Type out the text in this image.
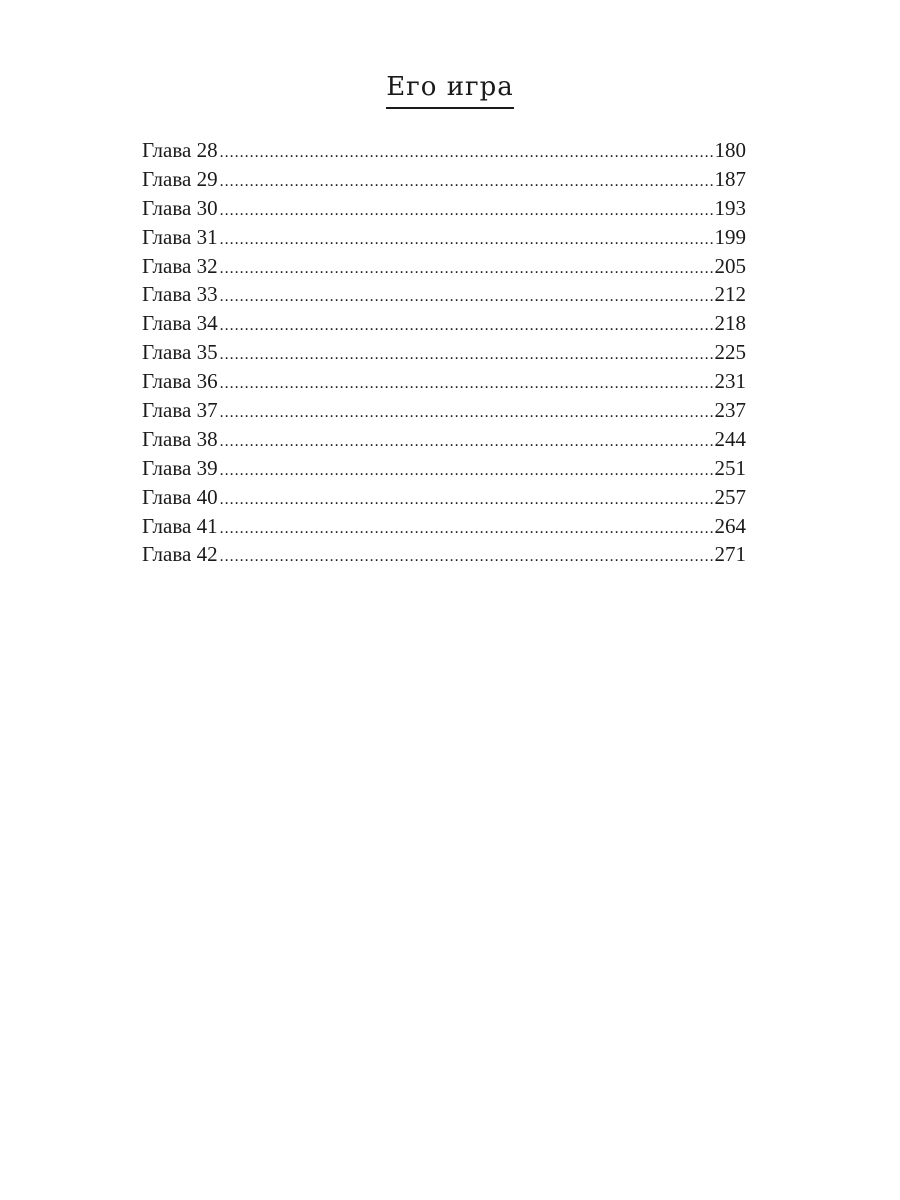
Его игра
Глава 28 .....	180
Глава 29 .....	187
Глава 30 .....	193
Глава 31 .....	199
Глава 32 .....	205
Глава 33 .....	212
Глава 34 .....	218
Глава 35 .....	225
Глава 36 .....	231
Глава 37 .....	237
Глава 38 .....	244
Глава 39 .....	251
Глава 40 .....	257
Глава 41 .....	264
Глава 42 .....	271
